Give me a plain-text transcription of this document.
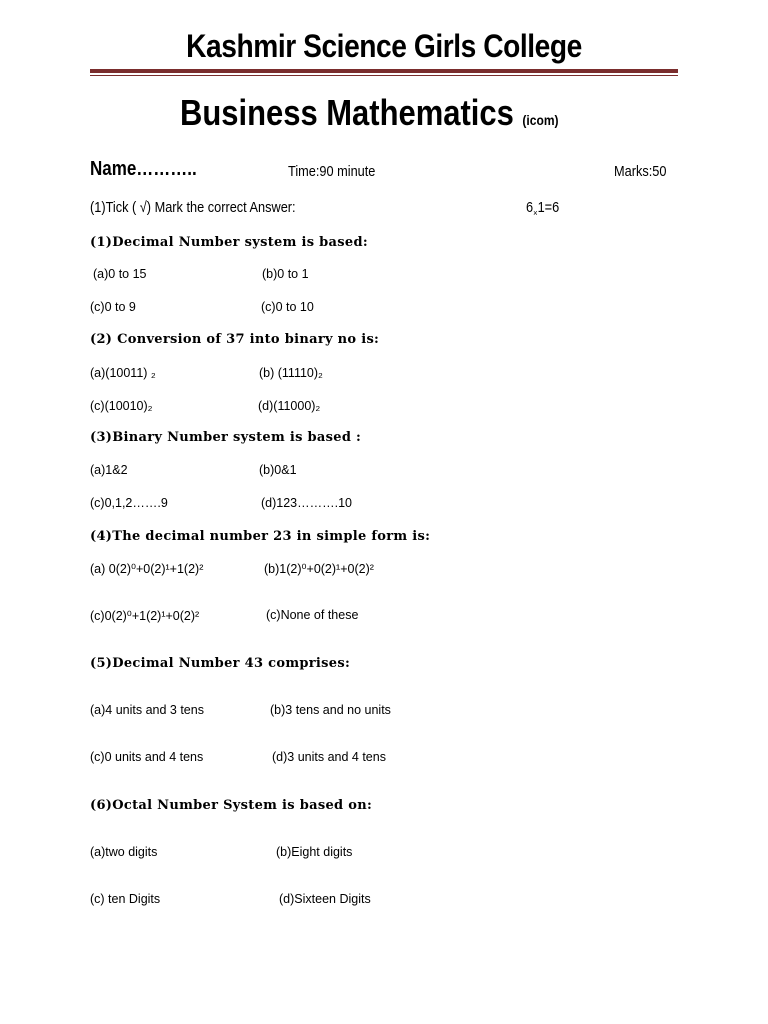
Kashmir Science Girls College
Business Mathematics (icom)
Name………..	Time:90 minute	Marks:50
(1)Tick ( √) Mark the correct Answer:	$6_\times 1=6$
(1)Decimal Number system is based:
(a)0 to 15	(b)0 to 1
(c)0 to 9	(c)0 to 10
(2) Conversion of 37 into binary no is:
(a)(10011) ₂	(b) (11110)₂
(c)(10010)₂	(d)(11000)₂
(3)Binary Number system is based :
(a)1&2	(b)0&1
(c)0,1,2…….9	(d)123……….10
(4)The decimal number 23 in simple form is:
(a) 0(2)⁰+0(2)¹+1(2)²	(b)1(2)⁰+0(2)¹+0(2)²
(c)0(2)⁰+1(2)¹+0(2)²	(c)None of these
(5)Decimal Number 43 comprises:
(a)4 units and 3 tens	(b)3 tens and no units
(c)0 units and 4 tens	(d)3 units and 4 tens
(6)Octal Number System is based on:
(a)two digits	(b)Eight digits
(c) ten Digits	(d)Sixteen Digits
